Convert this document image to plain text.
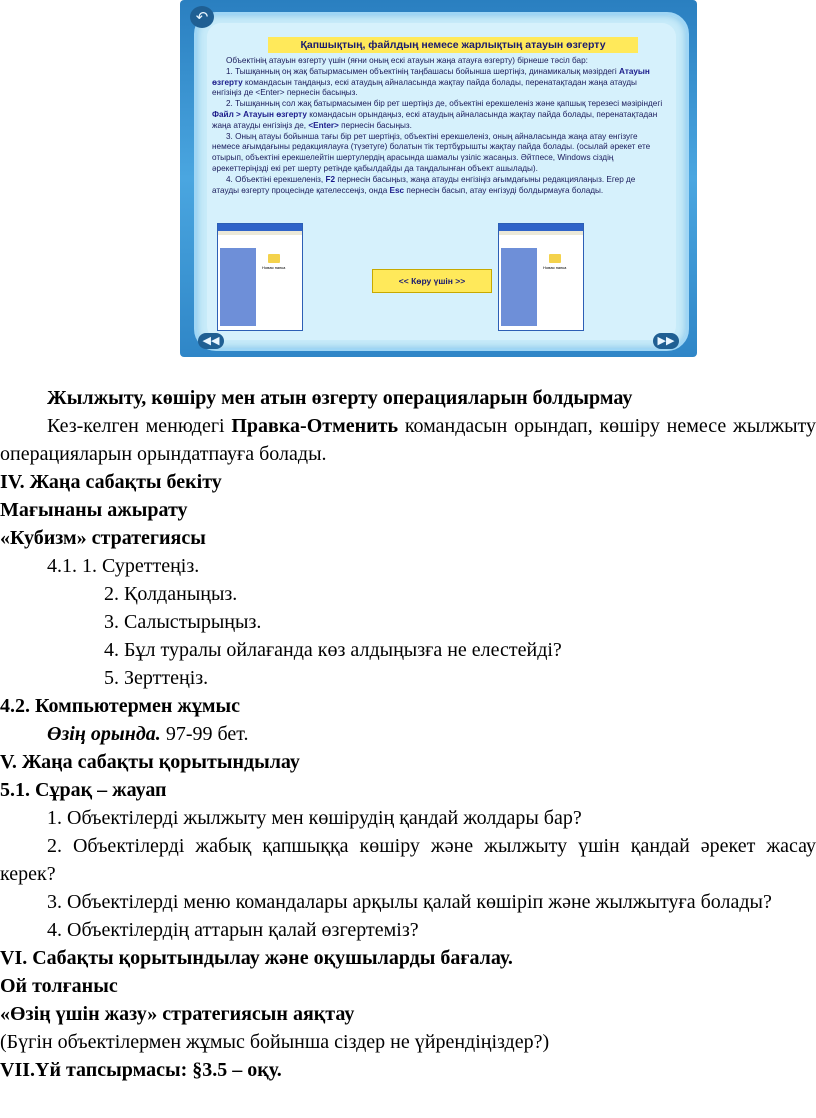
↶
◀◀	▶▶
Қапшықтың, файлдың немесе жарлықтың атауын өзгерту

Объектінің атауын өзгерту үшін (яғни оның ескі атауын жаңа атауға өзгерту) бірнеше тәсіл бар:

1. Тышқанның оң жақ батырмасымен объектінің таңбашасы бойынша шертіңіз, динамикалық мәзірдегі Атауын өзгерту командасын таңдаңыз, ескі атаудың айналасында жақтау пайда болады, перенатақтадан жаңа атауды енгізіңіз де <Enter> пернесін басыңыз.

2. Тышқанның сол жақ батырмасымен бір рет шертіңіз де, объектіні ерекшеленіз және қапшық терезесі мәзіріндегі Файл > Атауын өзгерту командасын орындаңыз, ескі атаудың айналасында жақтау пайда болады, перенатақтадан жаңа атауды енгізіңіз де, <Enter> пернесін басыңыз.

3. Оның атауы бойынша тағы бір рет шертіңіз, объектіні ерекшеленіз, оның айналасында жаңа атау енгізуге немесе ағымдағыны редакциялауға (түзетуге) болатын тік тертбұрышты жақтау пайда болады. (осылай әрекет ете отырып, объектіні ерекшелейтін шертулердің арасында шамалы үзіліс жасаңыз. Әйтпесе, Windows сіздің әрекеттеріңізді екі рет шерту ретінде қабылдайды да таңдалынған объект ашылады).

4. Объектіні ерекшеленіз, F2 пернесін басыңыз, жаңа атауды енгізіңіз ағымдағыны редакциялаңыз. Егер де атауды өзгерту процесінде қателессеңіз, онда Esc пернесін басып, атау енгізуді болдырмауға болады.

Новая папка
<< Көру үшін >>
Новая папка

Жылжыту, көшіру мен атын өзгерту операцияларын болдырмау

Кез-келген менюдегі Правка-Отменить командасын орындап, көшіру немесе жылжыту операцияларын орындатпауға болады.

IV. Жаңа сабақты бекіту

Мағынаны ажырату

«Кубизм» стратегиясы

4.1. 1. Суреттеңіз.

2. Қолданыңыз.

3. Салыстырыңыз.

4. Бұл туралы ойлағанда көз алдыңызға не елестейді?

5. Зерттеңіз.

4.2. Компьютермен жұмыс

Өзің орында. 97-99 бет.

V. Жаңа сабақты қорытындылау

5.1. Сұрақ – жауап

1. Объектілерді жылжыту мен көшірудің қандай жолдары бар?

2. Объектілерді жабық қапшыққа көшіру және жылжыту үшін қандай әрекет жасау керек?

3. Объектілерді меню командалары арқылы қалай көшіріп және жылжытуға болады?

4. Объектілердің аттарын қалай өзгертеміз?

VI. Сабақты қорытындылау және оқушыларды бағалау.

Ой толғаныс

«Өзің үшін жазу» стратегиясын аяқтау

(Бүгін объектілермен жұмыс бойынша сіздер не үйрендіңіздер?)

VII.Үй тапсырмасы: §3.5 – оқу.
